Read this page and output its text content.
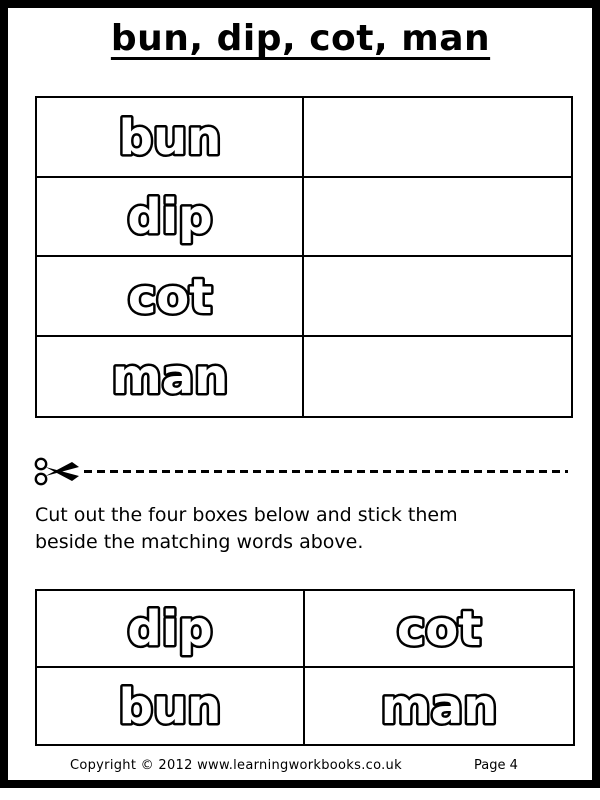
bun, dip, cot, man
bun
dip
cot
man
Cut out the four boxes below and stick them
beside the matching words above.
dip	cot
bun	man
Copyright © 2012 www.learningworkbooks.co.uk	Page 4
